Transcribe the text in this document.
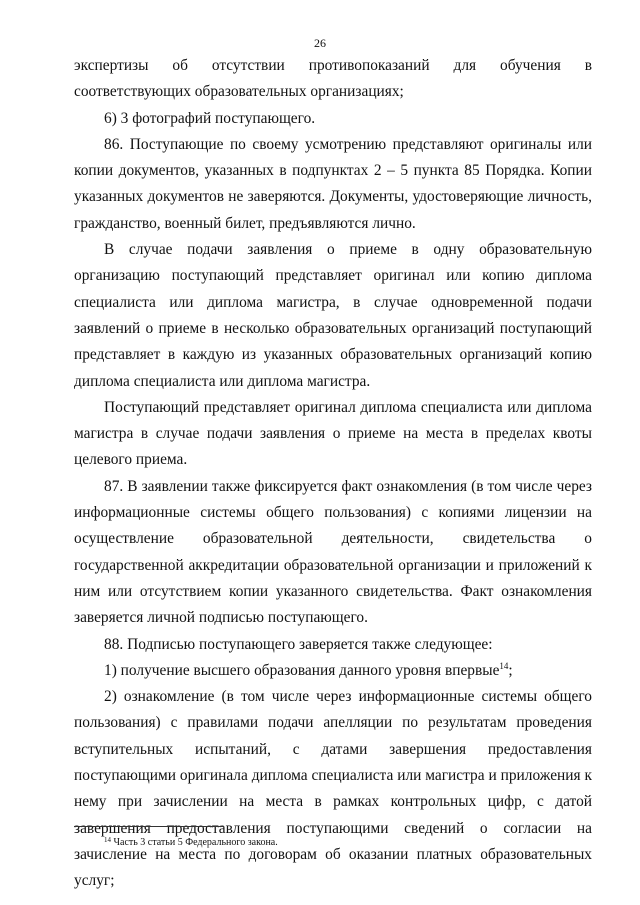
26

экспертизы об отсутствии противопоказаний для обучения в соответствующих образовательных организациях;

6) 3 фотографий поступающего.

86. Поступающие по своему усмотрению представляют оригиналы или копии документов, указанных в подпунктах 2 – 5 пункта 85 Порядка. Копии указанных документов не заверяются. Документы, удостоверяющие личность, гражданство, военный билет, предъявляются лично.

В случае подачи заявления о приеме в одну образовательную организацию поступающий представляет оригинал или копию диплома специалиста или диплома магистра, в случае одновременной подачи заявлений о приеме в несколько образовательных организаций поступающий представляет в каждую из указанных образовательных организаций копию диплома специалиста или диплома магистра.

Поступающий представляет оригинал диплома специалиста или диплома магистра в случае подачи заявления о приеме на места в пределах квоты целевого приема.

87. В заявлении также фиксируется факт ознакомления (в том числе через информационные системы общего пользования) с копиями лицензии на осуществление образовательной деятельности, свидетельства о государственной аккредитации образовательной организации и приложений к ним или отсутствием копии указанного свидетельства. Факт ознакомления заверяется личной подписью поступающего.

88. Подписью поступающего заверяется также следующее:

1) получение высшего образования данного уровня впервые$^{14}$;

2) ознакомление (в том числе через информационные системы общего пользования) с правилами подачи апелляции по результатам проведения вступительных испытаний, с датами завершения предоставления поступающими оригинала диплома специалиста или магистра и приложения к нему при зачислении на места в рамках контрольных цифр, с датой завершения предоставления поступающими сведений о согласии на зачисление на места по договорам об оказании платных образовательных услуг;

$^{14}$ Часть 3 статьи 5 Федерального закона.
